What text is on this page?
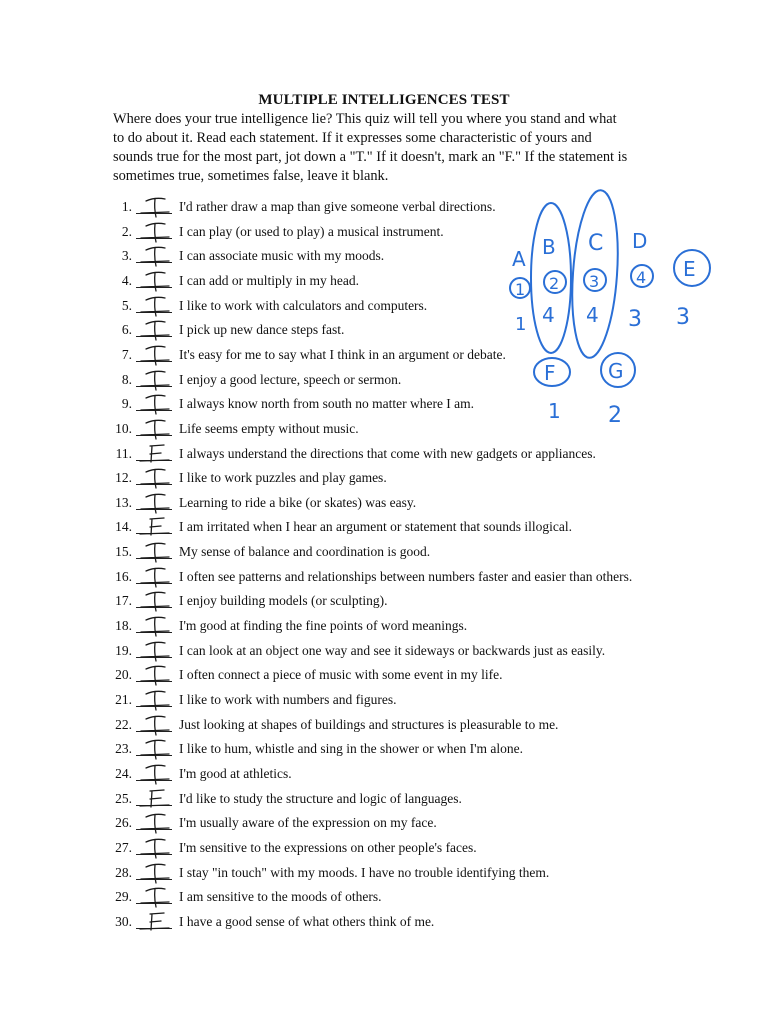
MULTIPLE INTELLIGENCES TEST

Where does your true intelligence lie? This quiz will tell you where you stand and what

to do about it. Read each statement. If it expresses some characteristic of yours and

sounds true for the most part, jot down a "T." If it doesn't, mark an "F." If the statement is

sometimes true, sometimes false, leave it blank.

1.	I'd rather draw a map than give someone verbal directions.
2.	I can play (or used to play) a musical instrument.
3.	I can associate music with my moods.
4.	I can add or multiply in my head.
5.	I like to work with calculators and computers.
6.	I pick up new dance steps fast.
7.	It's easy for me to say what I think in an argument or debate.
8.	I enjoy a good lecture, speech or sermon.
9.	I always know north from south no matter where I am.
10.	Life seems empty without music.
11.	I always understand the directions that come with new gadgets or appliances.
12.	I like to work puzzles and play games.
13.	Learning to ride a bike (or skates) was easy.
14.	I am irritated when I hear an argument or statement that sounds illogical.
15.	My sense of balance and coordination is good.
16.	I often see patterns and relationships between numbers faster and easier than others.
17.	I enjoy building models (or sculpting).
18.	I'm good at finding the fine points of word meanings.
19.	I can look at an object one way and see it sideways or backwards just as easily.
20.	I often connect a piece of music with some event in my life.
21.	I like to work with numbers and figures.
22.	Just looking at shapes of buildings and structures is pleasurable to me.
23.	I like to hum, whistle and sing in the shower or when I'm alone.
24.	I'm good at athletics.
25.	I'd like to study the structure and logic of languages.
26.	I'm usually aware of the expression on my face.
27.	I'm sensitive to the expressions on other people's faces.
28.	I stay "in touch" with my moods. I have no trouble identifying them.
29.	I am sensitive to the moods of others.
30.	I have a good sense of what others think of me.
A B C D
E
1 2 3 4
1 4 4 3 3
F	G
1 2
